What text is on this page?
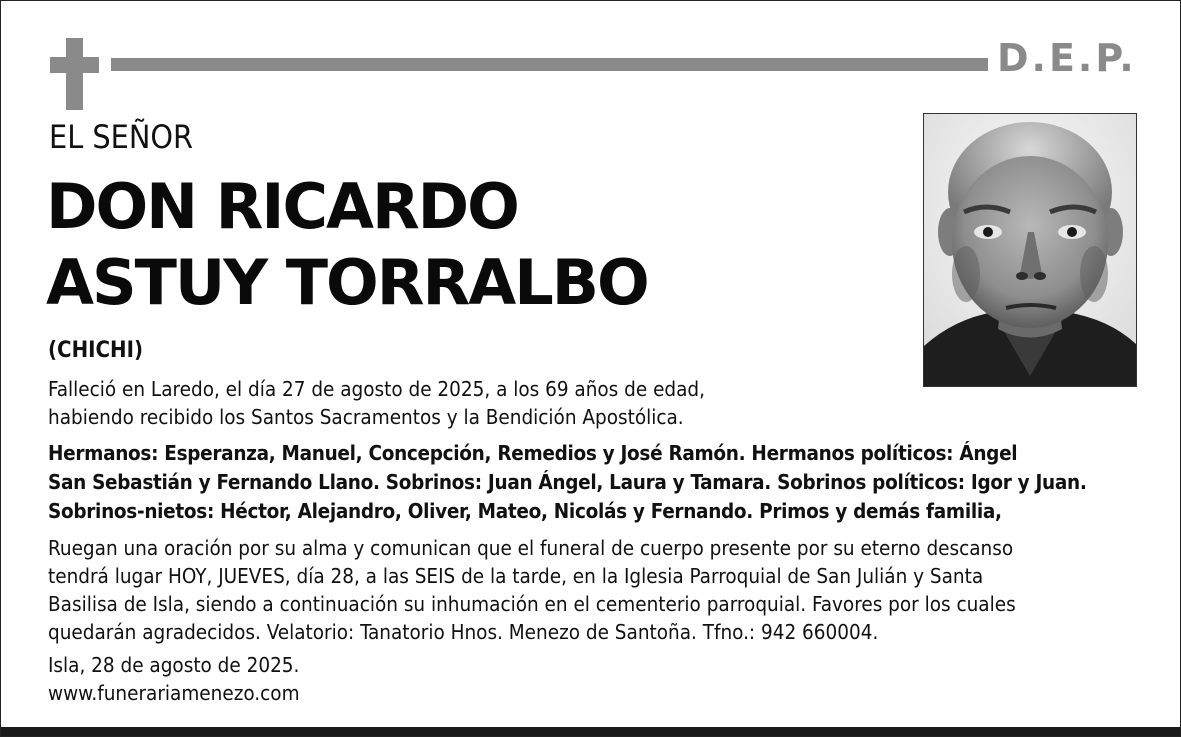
D.E.P.
EL SEÑOR
DON RICARDO
ASTUY TORRALBO
(CHICHI)
Falleció en Laredo, el día 27 de agosto de 2025, a los 69 años de edad,
habiendo recibido los Santos Sacramentos y la Bendición Apostólica.
Hermanos: Esperanza, Manuel, Concepción, Remedios y José Ramón. Hermanos políticos: Ángel
San Sebastián y Fernando Llano. Sobrinos: Juan Ángel, Laura y Tamara. Sobrinos políticos: Igor y Juan.
Sobrinos-nietos: Héctor, Alejandro, Oliver, Mateo, Nicolás y Fernando. Primos y demás familia,
Ruegan una oración por su alma y comunican que el funeral de cuerpo presente por su eterno descanso
tendrá lugar HOY, JUEVES, día 28, a las SEIS de la tarde, en la Iglesia Parroquial de San Julián y Santa
Basilisa de Isla, siendo a continuación su inhumación en el cementerio parroquial. Favores por los cuales
quedarán agradecidos. Velatorio: Tanatorio Hnos. Menezo de Santoña. Tfno.: 942 660004.
Isla, 28 de agosto de 2025.
www.funerariamenezo.com
